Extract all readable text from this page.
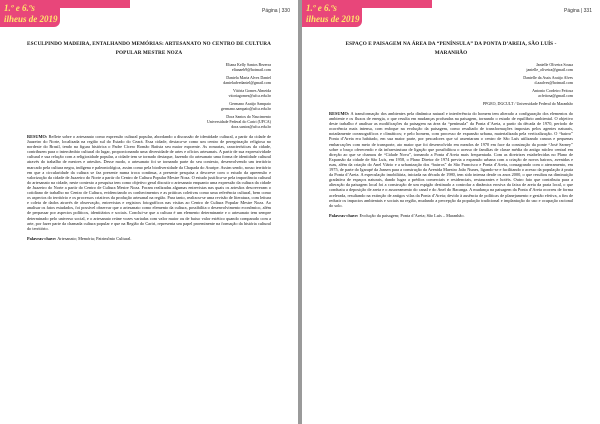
1.º e 6.ºs
ilheus de 2019
Página | 330
ESCULPINDO MADEIRA, ENTALHANDO MEMÓRIAS: ARTESANATO NO CENTRO DE CULTURA POPULAR MESTRE NOZA
Eliana Kelly Santos Bezerra
elianaeb9@hotmail.com
Daniela Maria Alves Daniel
danieladvedaniel@gmail.com
Vitória Gomes Almeida
vitoriagomes@ufca.edu.br
Germano Araújo Sampaio
germano.sampaio@ufca.edu.br
Dora Santos do Nascimento
Universidade Federal do Cariri (UFCA)
dora.santos@ufca.edu.br
RESUMO: Reflete sobre o artesanato como expressão cultural popular, abordando a discussão de identidade cultural, a partir da cidade de Juazeiro do Norte, localizada na região sul do Estado do Ceará. Essa cidade, destaca-se como um centro de peregrinação religiosa no nordeste do Brasil, tendo na figura histórica o Padre Cícero Romão Batista seu maior expoente. As romarias, características da cidade, contribuem para o intercâmbio cultural do lugar, proporcionando uma diversidade de artes e ofícios artesanais. A partir de sua expressividade cultural e sua relação com a religiosidade popular, a cidade tem se tornado destaque, fazendo do artesanato uma forma de identidade cultural através do trabalho de mestres e artesãos. Desse modo, o artesanato foi se tornando parte do seu contexto, desenvolvendo um território marcado pela cultura negra, indígena e paleontológica, assim como pela biodiversidade da Chapada do Araripe. Assim sendo, nosso território em que a circularidade da cultura se faz presente numa troca contínua, a presente pesquisa a descreve com o estudo da apreensão e valorização da cidade de Juazeiro do Norte a partir do Centro de Cultura Popular Mestre Noza. O estudo justifica-se pela importância cultural do artesanato na cidade, neste contexto a pesquisa tem como objetivo geral discutir o artesanato enquanto uma expressão da cultura da cidade de Juazeiro do Norte a partir do Centro de Cultura Mestre Noza. Foram realizadas algumas entrevistas nas quais os artesãos descreveram o cotidiano de trabalho no Centro de Cultura, evidenciando os conhecimentos e as práticas coletivas como uma referência cultural, bem como os aspectos do território e os processos criativos da produção artesanal na região. Para tanto, realizou-se uma revisão de literatura, com leitura e coleta de dados através de observação, entrevistas e registros fotográficos nas visitas ao Centro de Cultura Popular Mestre Noza. Ao analisar os fatos estudados, foi possível observar que o artesanato como elemento da cultura, possibilita o desenvolvimento econômico, além de perpassar por aspectos políticos, identitários e sociais. Conclui-se que a cultura é um elemento determinante e o artesanato tem sempre determinado pelo universo social, e o artesanato reúne vozes variadas com valor maior ou de baixo valor estético quando comparado com a arte, por fazer parte da chamada cultura popular e que na Região do Cariri, representa um papel proeminente na formação da história cultural do território.
Palavras-chave: Artesanato; Memória; Patrimônio Cultural.
1.º e 6.ºs
ilheus de 2019
Página | 331
ESPAÇO E PAISAGEM NA ÁREA DA “PENÍNSULA” DA PONTA D’AREIA, SÃO LUÍS - MARANHÃO
Janielle Oliveira Sousa
janielle_oliveira@gmail.com
Danielle da Assis Araújo Alves
d.aaalves@hotmail.com
Antonio Cordeiro Feitosa
acfeitosa@gmail.com
PPGEO, DGCULT / Universidade Federal do Maranhão
RESUMO: A transformação dos ambientes pela dinâmica natural e interferência do homem tem alterado a configuração dos elementos do ambiente e os fluxos de energia, o que resulta em mudanças profundas na paisagem, tornando o estudo de equilíbrio ambiental. O objetivo deste trabalho é analisar as modificações da paisagem na área da “península” da Ponta d’Areia, a partir da década de 1970, período de ocorrência mais intensa, com enfoque na evolução da paisagem, como resultado de transformações impostas pelos agentes naturais, notadamente oceanográficos e climáticos; e pelo homem, com processo de expansão urbana, materializada pela verticalização. O “bairro” Ponta d’Areia era habitado, em sua maior parte, por pescadores que só assentaram o centro de São Luís utilizando canoas e pequenas embarcações com meio de transporte, ato maior que foi desenvolvido em meados de 1970 em face da construção da ponte “José Sarney” sobre o braço oferecendo e da infraestrutura de ligação que possibilitou o acesso de famílias de classe média do antigo núcleo central em direção ao que se chamou de “Cidade Nova”, tornando a Ponta d’Areia mais frequentada. Com as diretrizes estabelecidas no Plano de Expansão da cidade de São Luís, em 1958, o Plano Diretor de 1974 previa a expansão urbana com a criação de novos bairros, avenidas e ruas, além da criação do Anel Viário e a urbanização dos “bairros” do São Francisco e Ponta d’Areia, consagrando com o aterramento, em 1975, de parte do Igarapé da Jansen para a construção da Avenida Maestro João Nunes, ligando-se e facilitando o acesso da população à praia da Ponta d’Areia. A especulação imobiliária, iniciada na década de 1980, tem sido intensa desde os anos 2000, o que resultou na diminuição gradativa de espaços naturais, dando lugar a prédios comerciais e residenciais, restaurantes e hotéis. Outro fato que contribuiu para a alteração da paisagem local foi a construção de um espigão destinado a controlar a dinâmica erosiva da faixa de areia da praia local, o que conduziu a deposição de areia e o assoreamento do canal e do Anel do Bacanga. A mudança na paisagem da Ponta d’Areia ocorreu de forma acelerada, resultando na extinção de antigos vilas da Ponta d’Areia; devido à ausência de políticas de planejamento e gestão efetiva, a fim de reduzir os impactos ambientais e sociais na região, mudando a percepção da população tradicional e implantação do uso e ocupação racional do solo.
Palavras-chave: Evolução da paisagem; Ponta d’Areia; São Luís – Maranhão.
